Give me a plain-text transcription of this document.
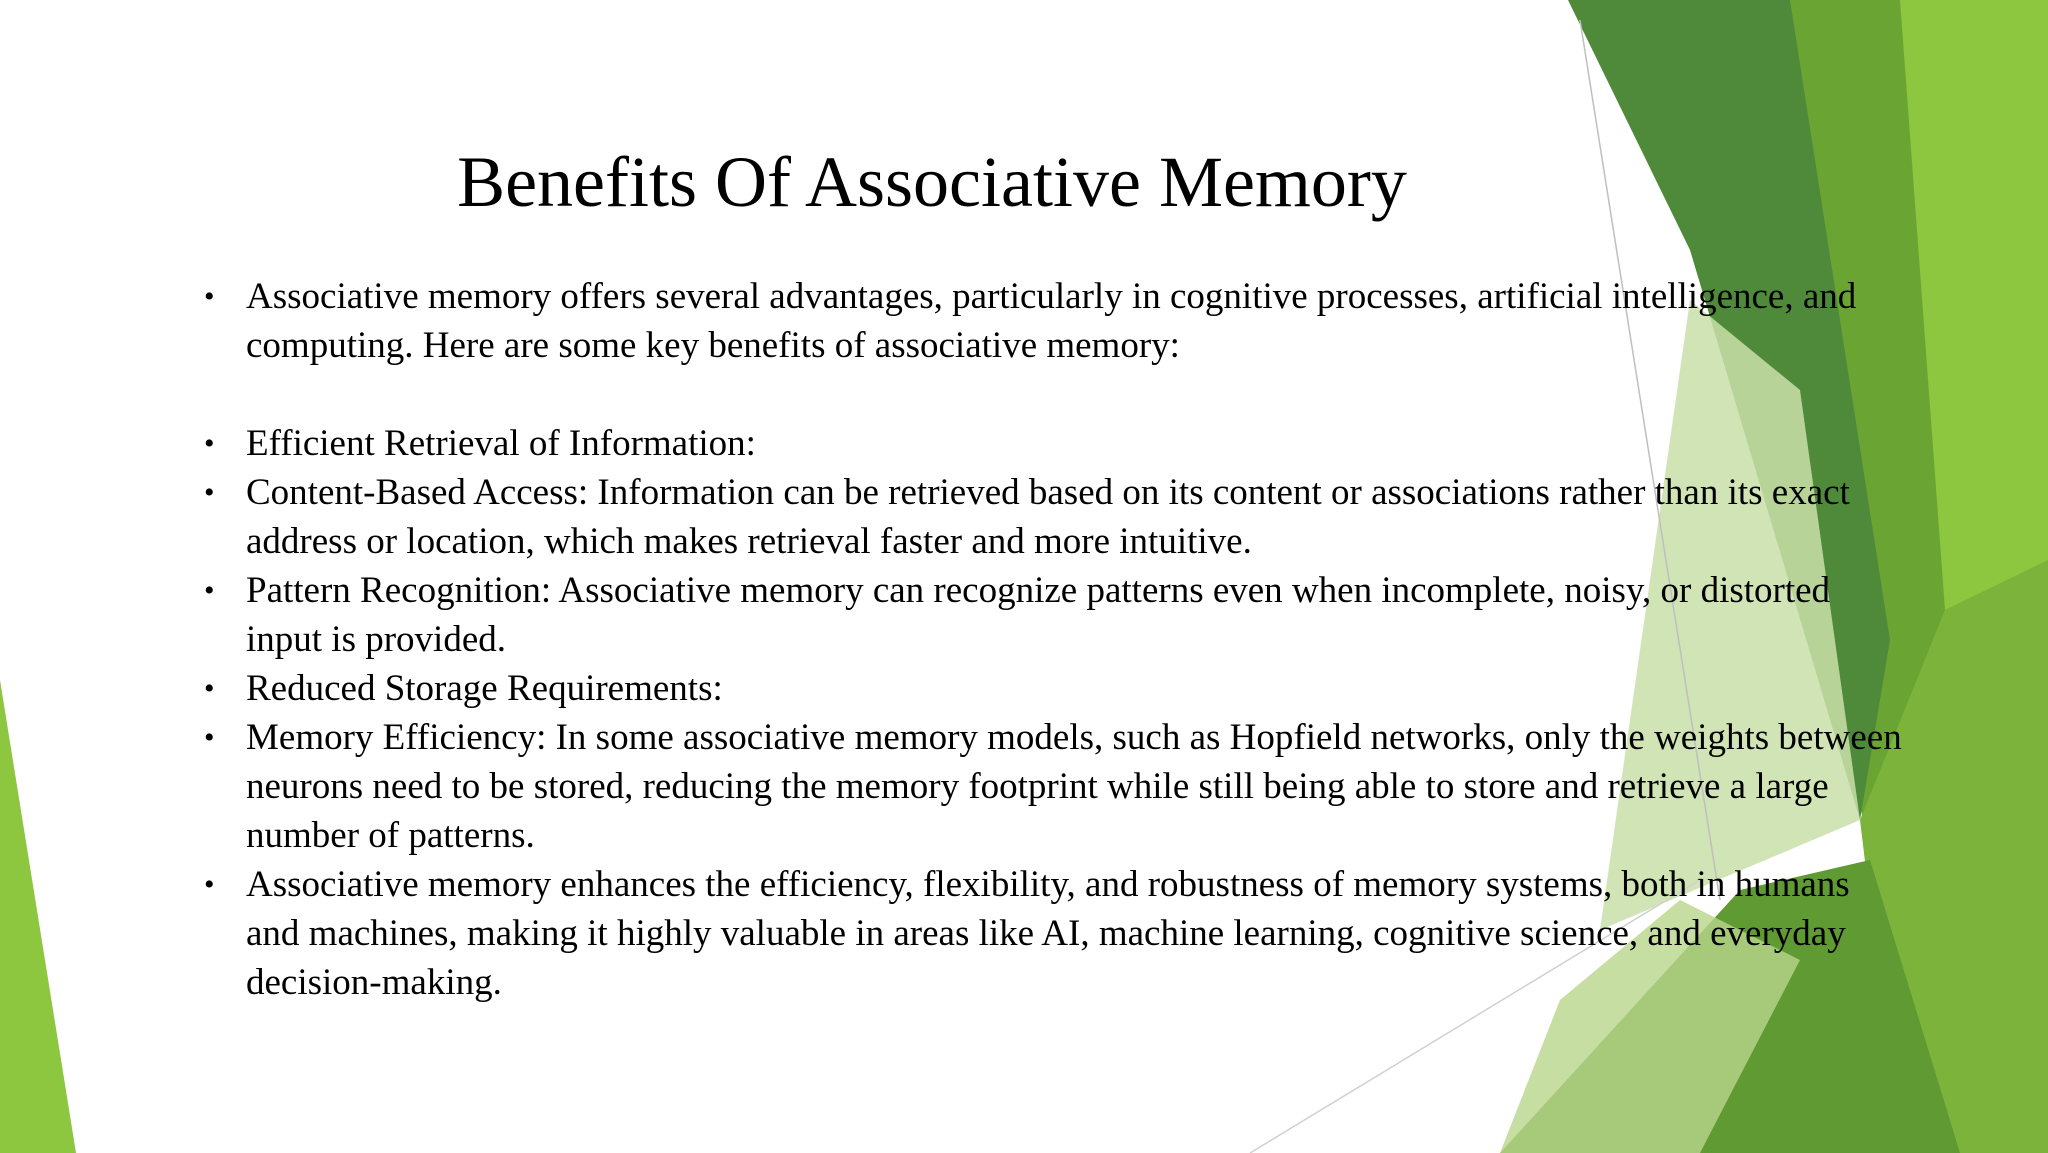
Benefits Of Associative Memory
• Associative memory offers several advantages, particularly in cognitive processes, artificial intelligence, and computing. Here are some key benefits of associative memory:
• Efficient Retrieval of Information:
• Content-Based Access: Information can be retrieved based on its content or associations rather than its exact address or location, which makes retrieval faster and more intuitive.
• Pattern Recognition: Associative memory can recognize patterns even when incomplete, noisy, or distorted input is provided.
• Reduced Storage Requirements:
• Memory Efficiency: In some associative memory models, such as Hopfield networks, only the weights between neurons need to be stored, reducing the memory footprint while still being able to store and retrieve a large number of patterns.
• Associative memory enhances the efficiency, flexibility, and robustness of memory systems, both in humans and machines, making it highly valuable in areas like AI, machine learning, cognitive science, and everyday decision-making.
